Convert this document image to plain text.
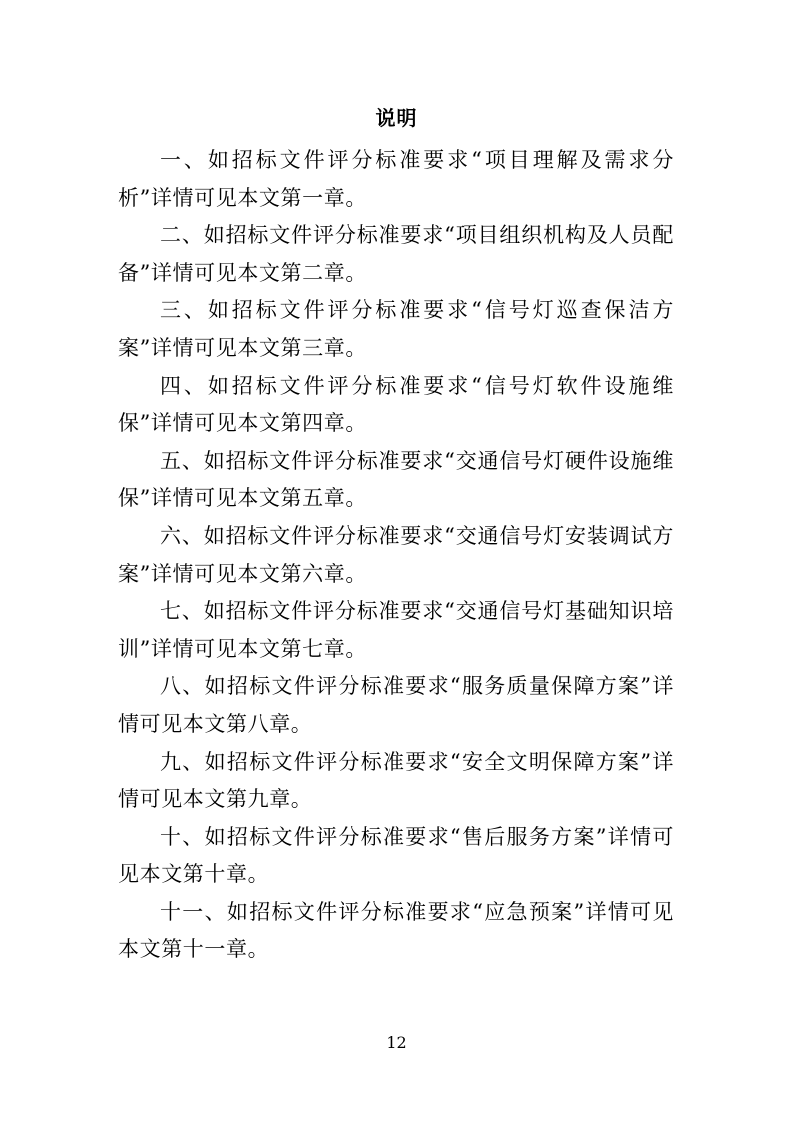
说明

一、如招标文件评分标准要求“项目理解及需求分析”详情可见本文第一章。

二、如招标文件评分标准要求“项目组织机构及人员配备”详情可见本文第二章。

三、如招标文件评分标准要求“信号灯巡查保洁方案”详情可见本文第三章。

四、如招标文件评分标准要求“信号灯软件设施维保”详情可见本文第四章。

五、如招标文件评分标准要求“交通信号灯硬件设施维保”详情可见本文第五章。

六、如招标文件评分标准要求“交通信号灯安装调试方案”详情可见本文第六章。

七、如招标文件评分标准要求“交通信号灯基础知识培训”详情可见本文第七章。

八、如招标文件评分标准要求“服务质量保障方案”详情可见本文第八章。

九、如招标文件评分标准要求“安全文明保障方案”详情可见本文第九章。

十、如招标文件评分标准要求“售后服务方案”详情可见本文第十章。

十一、如招标文件评分标准要求“应急预案”详情可见本文第十一章。

12
